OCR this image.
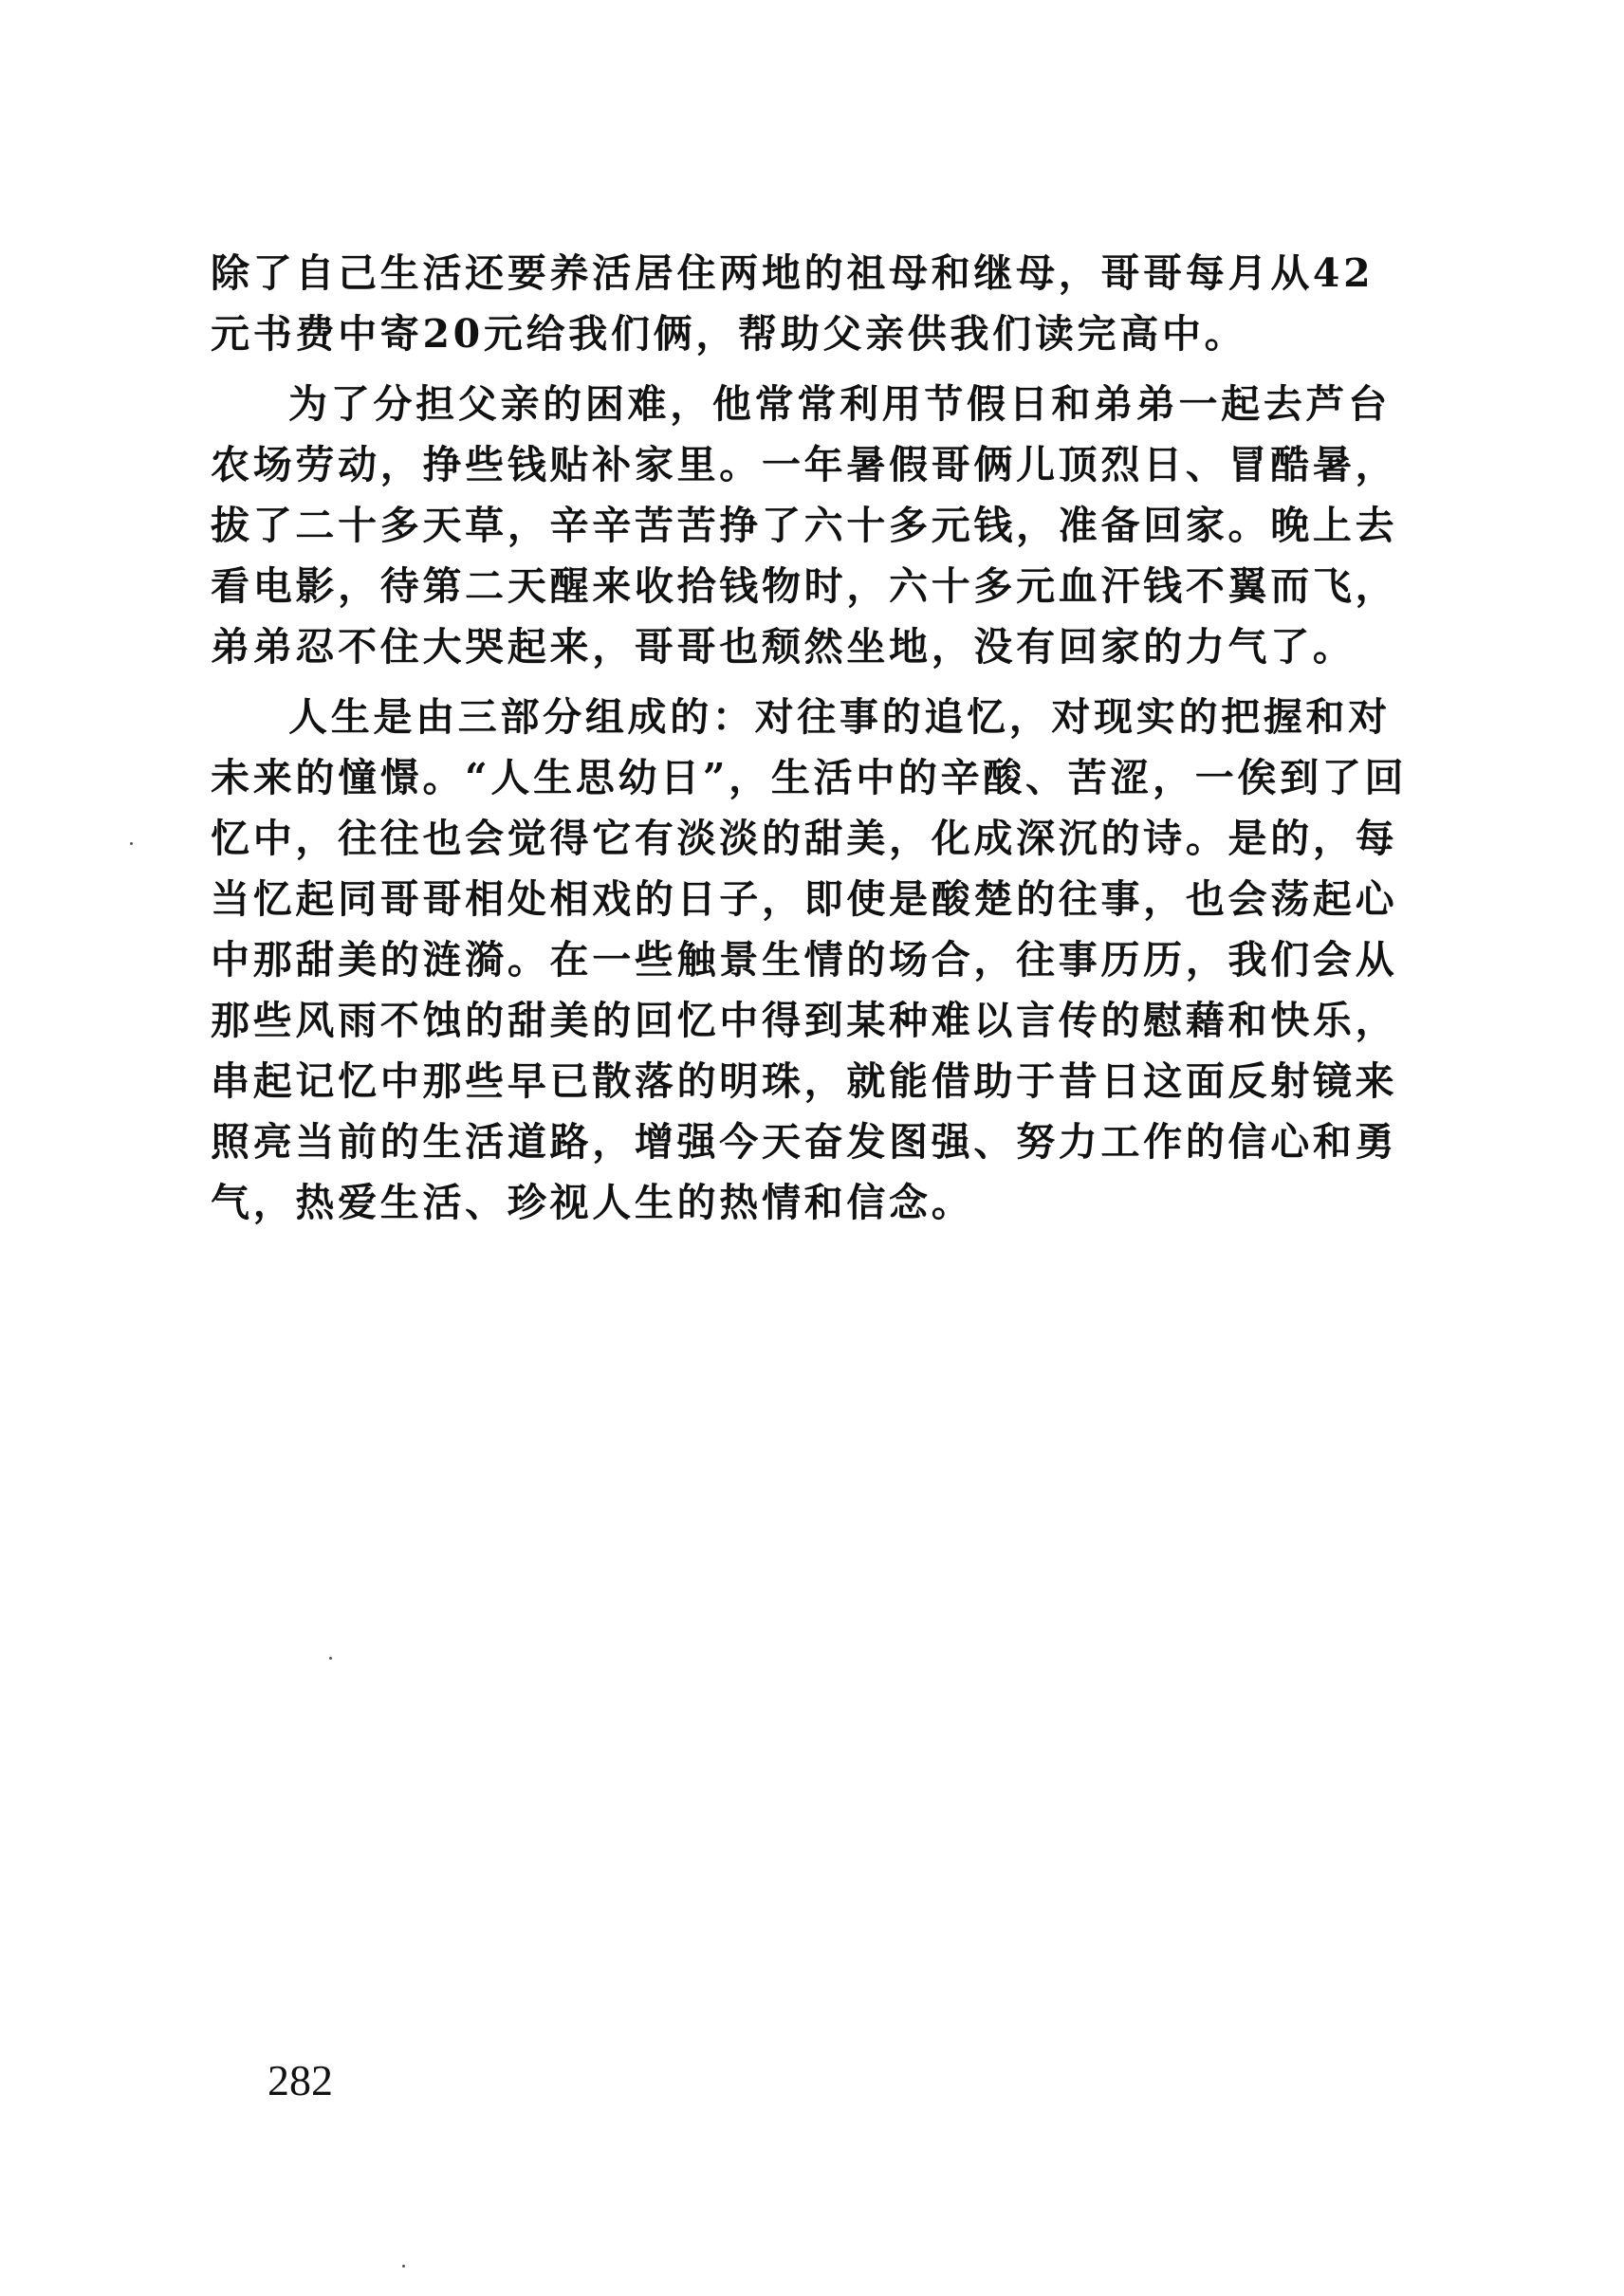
除了自己生活还要养活居住两地的祖母和继母，哥哥每月从42
元书费中寄20元给我们俩，帮助父亲供我们读完高中。
为了分担父亲的困难，他常常利用节假日和弟弟一起去芦台
农场劳动，挣些钱贴补家里。一年暑假哥俩儿顶烈日、冒酷暑，
拔了二十多天草，辛辛苦苦挣了六十多元钱，准备回家。晚上去
看电影，待第二天醒来收拾钱物时，六十多元血汗钱不翼而飞，
弟弟忍不住大哭起来，哥哥也颓然坐地，没有回家的力气了。
人生是由三部分组成的：对往事的追忆，对现实的把握和对
未来的憧憬。“人生思幼日”，生活中的辛酸、苦涩，一俟到了回
忆中，往往也会觉得它有淡淡的甜美，化成深沉的诗。是的，每
当忆起同哥哥相处相戏的日子，即使是酸楚的往事，也会荡起心
中那甜美的涟漪。在一些触景生情的场合，往事历历，我们会从
那些风雨不蚀的甜美的回忆中得到某种难以言传的慰藉和快乐，
串起记忆中那些早已散落的明珠，就能借助于昔日这面反射镜来
照亮当前的生活道路，增强今天奋发图强、努力工作的信心和勇
气，热爱生活、珍视人生的热情和信念。
282
